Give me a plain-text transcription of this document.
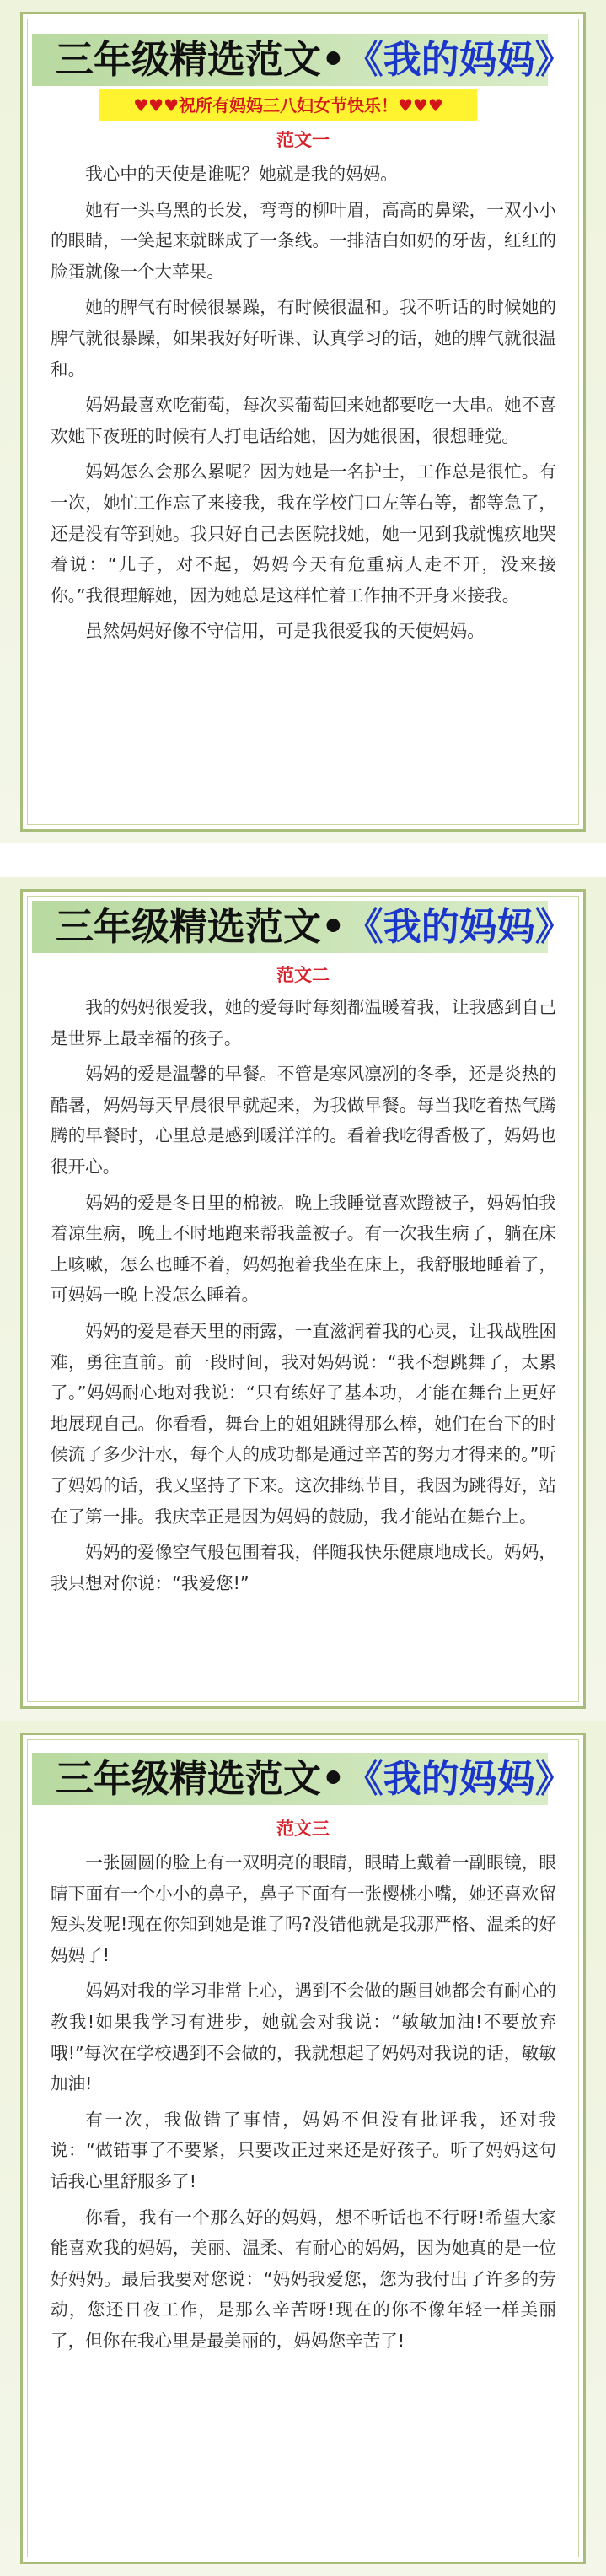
三年级精选范文•《我的妈妈》
♥♥♥祝所有妈妈三八妇女节快乐！♥♥♥
范文一

我心中的天使是谁呢？她就是我的妈妈。

她有一头乌黑的长发，弯弯的柳叶眉，高高的鼻梁，一双小小的眼睛，一笑起来就眯成了一条线。一排洁白如奶的牙齿，红红的脸蛋就像一个大苹果。

她的脾气有时候很暴躁，有时候很温和。我不听话的时候她的脾气就很暴躁，如果我好好听课、认真学习的话，她的脾气就很温和。

妈妈最喜欢吃葡萄，每次买葡萄回来她都要吃一大串。她不喜欢她下夜班的时候有人打电话给她，因为她很困，很想睡觉。

妈妈怎么会那么累呢？因为她是一名护士，工作总是很忙。有一次，她忙工作忘了来接我，我在学校门口左等右等，都等急了，还是没有等到她。我只好自己去医院找她，她一见到我就愧疚地哭着说：“儿子，对不起，妈妈今天有危重病人走不开，没来接你。”我很理解她，因为她总是这样忙着工作抽不开身来接我。

虽然妈妈好像不守信用，可是我很爱我的天使妈妈。

三年级精选范文•《我的妈妈》
范文二

我的妈妈很爱我，她的爱每时每刻都温暖着我，让我感到自己是世界上最幸福的孩子。

妈妈的爱是温馨的早餐。不管是寒风凛冽的冬季，还是炎热的酷暑，妈妈每天早晨很早就起来，为我做早餐。每当我吃着热气腾腾的早餐时，心里总是感到暖洋洋的。看着我吃得香极了，妈妈也很开心。

妈妈的爱是冬日里的棉被。晚上我睡觉喜欢蹬被子，妈妈怕我着凉生病，晚上不时地跑来帮我盖被子。有一次我生病了，躺在床上咳嗽，怎么也睡不着，妈妈抱着我坐在床上，我舒服地睡着了，可妈妈一晚上没怎么睡着。

妈妈的爱是春天里的雨露，一直滋润着我的心灵，让我战胜困难，勇往直前。前一段时间，我对妈妈说：“我不想跳舞了，太累了。”妈妈耐心地对我说：“只有练好了基本功，才能在舞台上更好地展现自己。你看看，舞台上的姐姐跳得那么棒，她们在台下的时候流了多少汗水，每个人的成功都是通过辛苦的努力才得来的。”听了妈妈的话，我又坚持了下来。这次排练节目，我因为跳得好，站在了第一排。我庆幸正是因为妈妈的鼓励，我才能站在舞台上。

妈妈的爱像空气般包围着我，伴随我快乐健康地成长。妈妈，我只想对你说：“我爱您!”

三年级精选范文•《我的妈妈》
范文三

一张圆圆的脸上有一双明亮的眼睛，眼睛上戴着一副眼镜，眼睛下面有一个小小的鼻子，鼻子下面有一张樱桃小嘴，她还喜欢留短头发呢!现在你知到她是谁了吗?没错他就是我那严格、温柔的好妈妈了!

妈妈对我的学习非常上心，遇到不会做的题目她都会有耐心的教我!如果我学习有进步，她就会对我说：“敏敏加油!不要放弃哦!”每次在学校遇到不会做的，我就想起了妈妈对我说的话，敏敏加油!

有一次，我做错了事情，妈妈不但没有批评我，还对我说：“做错事了不要紧，只要改正过来还是好孩子。听了妈妈这句话我心里舒服多了!

你看，我有一个那么好的妈妈，想不听话也不行呀!希望大家能喜欢我的妈妈，美丽、温柔、有耐心的妈妈，因为她真的是一位好妈妈。最后我要对您说：“妈妈我爱您，您为我付出了许多的劳动，您还日夜工作，是那么辛苦呀!现在的你不像年轻一样美丽了，但你在我心里是最美丽的，妈妈您辛苦了!
